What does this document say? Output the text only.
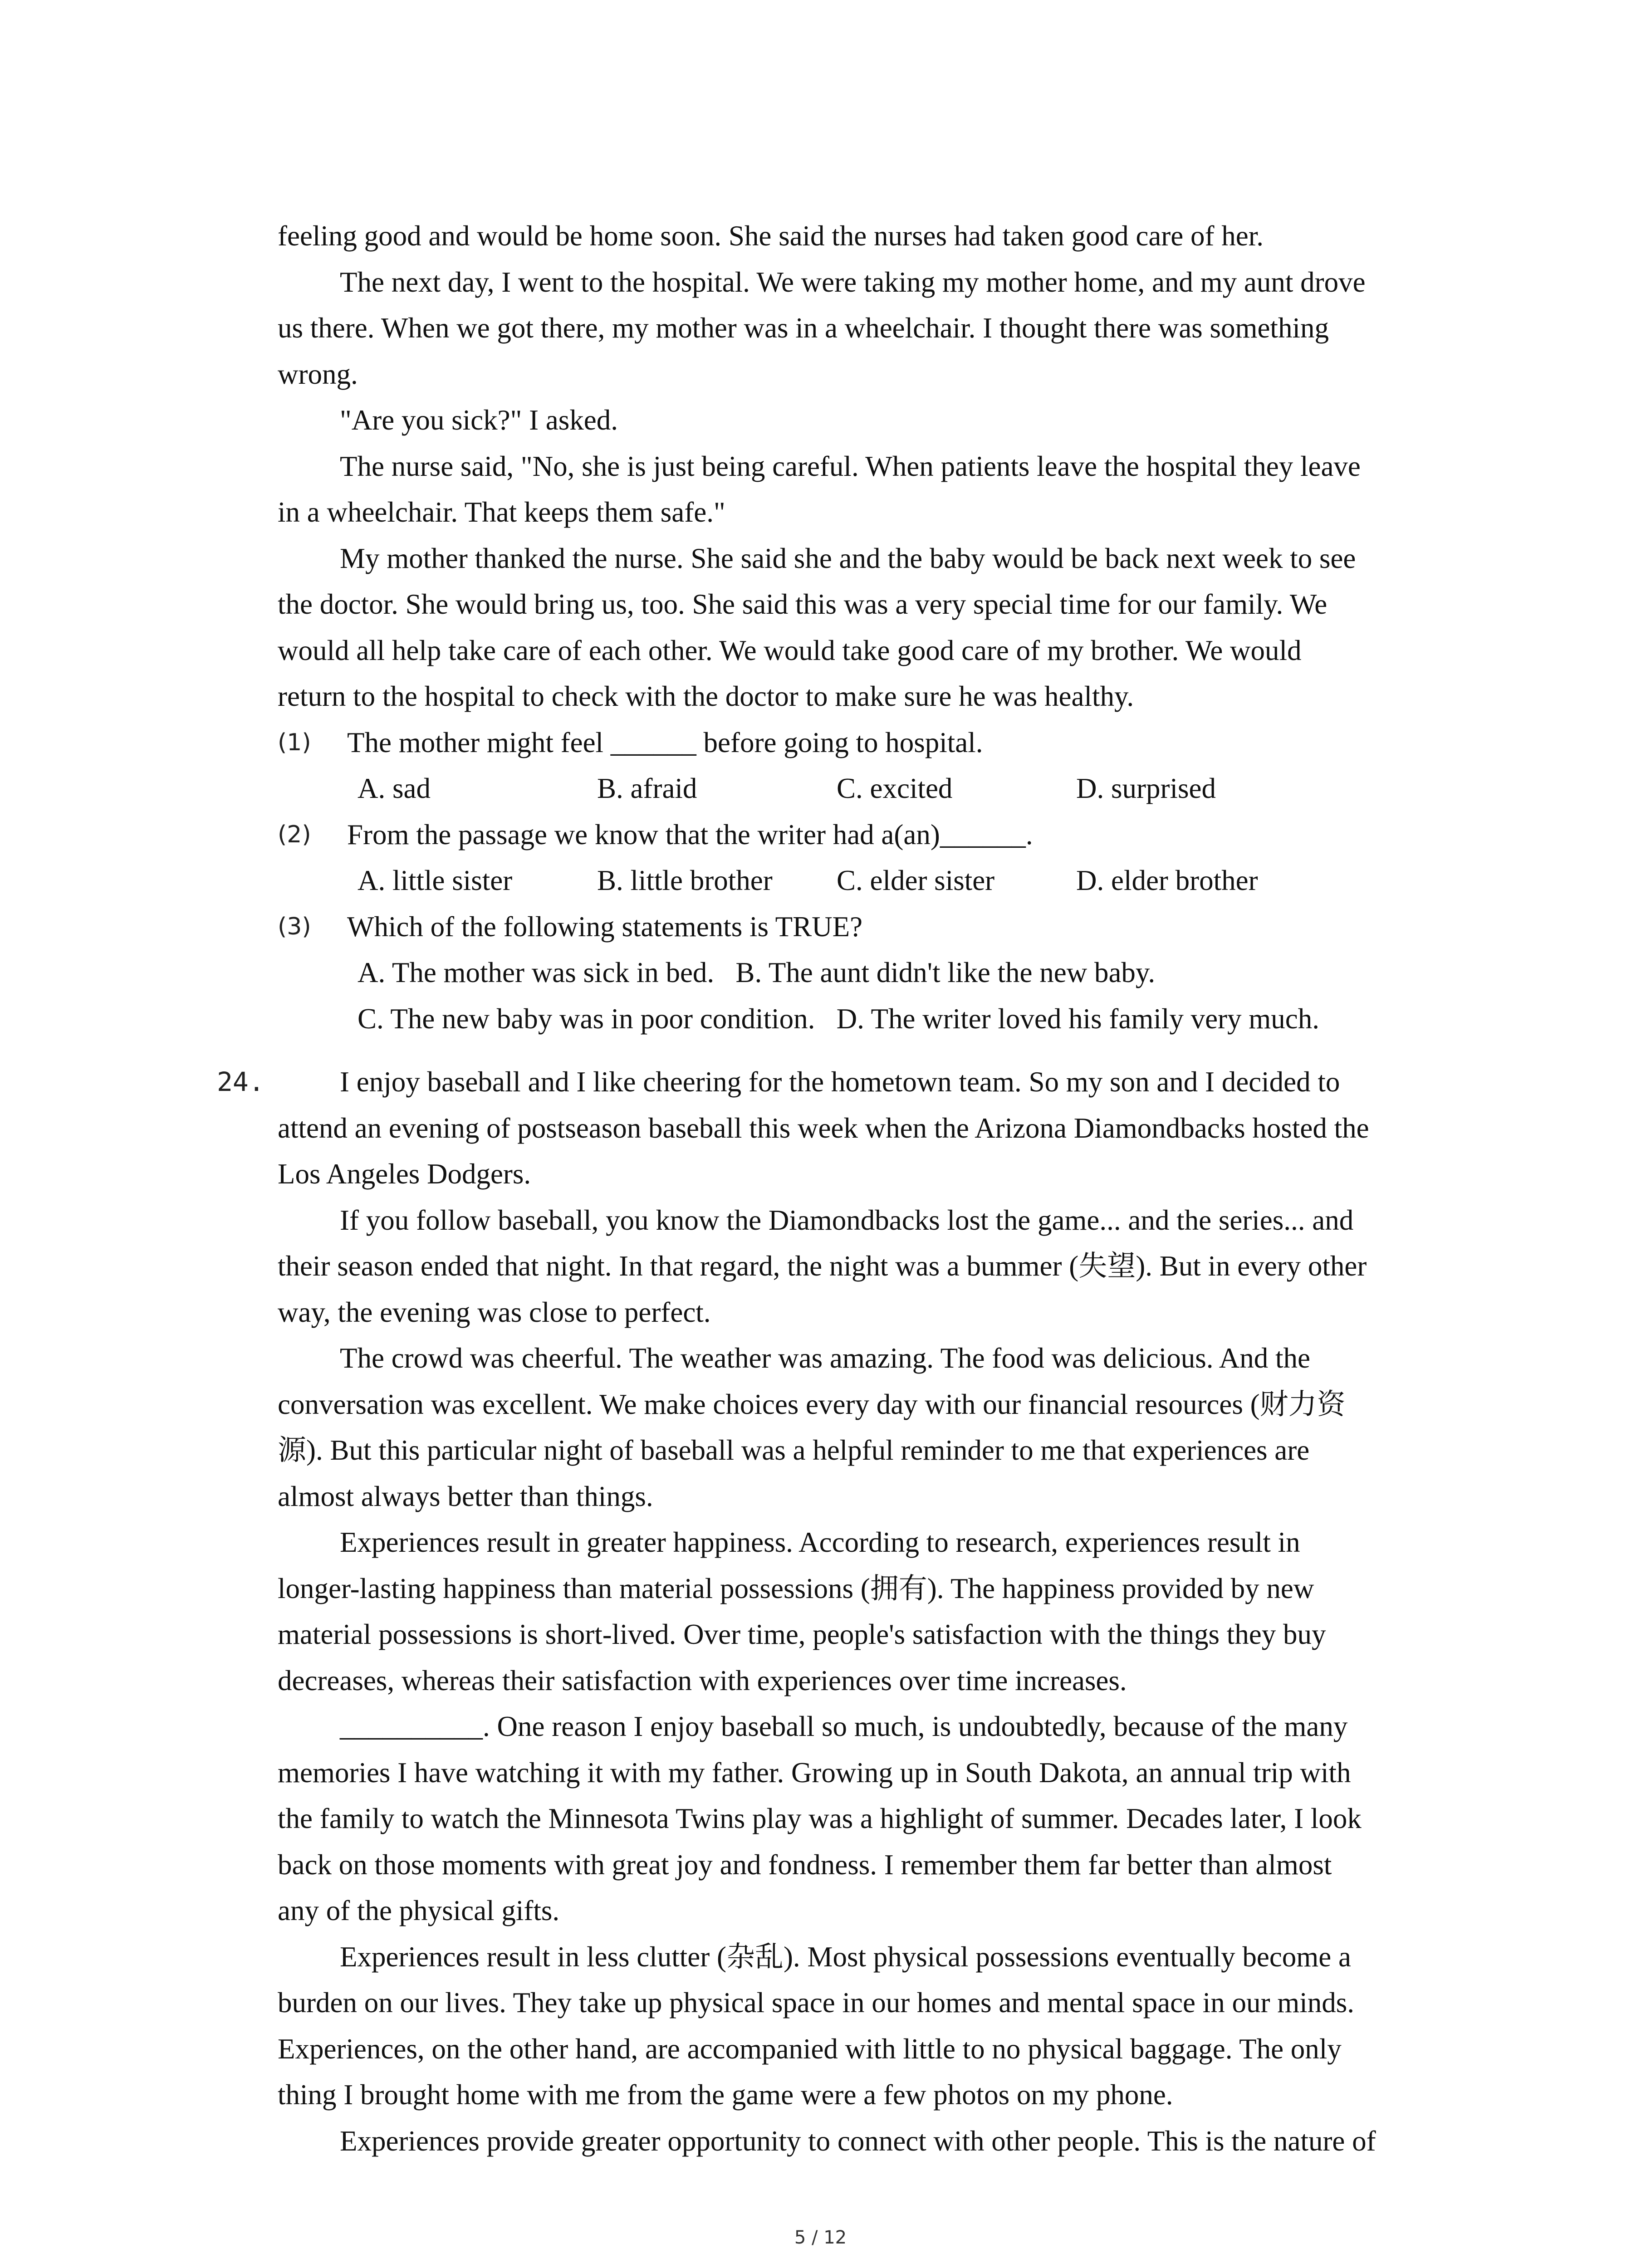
feeling good and would be home soon. She said the nurses had taken good care of her.
The next day, I went to the hospital. We were taking my mother home, and my aunt drove
us there. When we got there, my mother was in a wheelchair. I thought there was something
wrong.
"Are you sick?" I asked.
The nurse said, "No, she is just being careful. When patients leave the hospital they leave
in a wheelchair. That keeps them safe."
My mother thanked the nurse. She said she and the baby would be back next week to see
the doctor. She would bring us, too. She said this was a very special time for our family. We
would all help take care of each other. We would take good care of my brother. We would
return to the hospital to check with the doctor to make sure he was healthy.
(1) The mother might feel ______ before going to hospital.
A. sad	B. afraid	C. excited	D. surprised
(2) From the passage we know that the writer had a(an)______.
A. little sister	B. little brother C. elder sister	D. elder brother
(3) Which of the following statements is TRUE?
A. The mother was sick in bed.   B. The aunt didn't like the new baby.
C. The new baby was in poor condition.   D. The writer loved his family very much.
24.	I enjoy baseball and I like cheering for the hometown team. So my son and I decided to
attend an evening of postseason baseball this week when the Arizona Diamondbacks hosted the
Los Angeles Dodgers.
If you follow baseball, you know the Diamondbacks lost the game... and the series... and
their season ended that night. In that regard, the night was a bummer (失望). But in every other
way, the evening was close to perfect.
The crowd was cheerful. The weather was amazing. The food was delicious. And the
conversation was excellent. We make choices every day with our financial resources (财力资
源). But this particular night of baseball was a helpful reminder to me that experiences are
almost always better than things.
Experiences result in greater happiness. According to research, experiences result in
longer-lasting happiness than material possessions (拥有). The happiness provided by new
material possessions is short-lived. Over time, people's satisfaction with the things they buy
decreases, whereas their satisfaction with experiences over time increases.
__________. One reason I enjoy baseball so much, is undoubtedly, because of the many
memories I have watching it with my father. Growing up in South Dakota, an annual trip with
the family to watch the Minnesota Twins play was a highlight of summer. Decades later, I look
back on those moments with great joy and fondness. I remember them far better than almost
any of the physical gifts.
Experiences result in less clutter (杂乱). Most physical possessions eventually become a
burden on our lives. They take up physical space in our homes and mental space in our minds.
Experiences, on the other hand, are accompanied with little to no physical baggage. The only
thing I brought home with me from the game were a few photos on my phone.
Experiences provide greater opportunity to connect with other people. This is the nature of
5 / 12
